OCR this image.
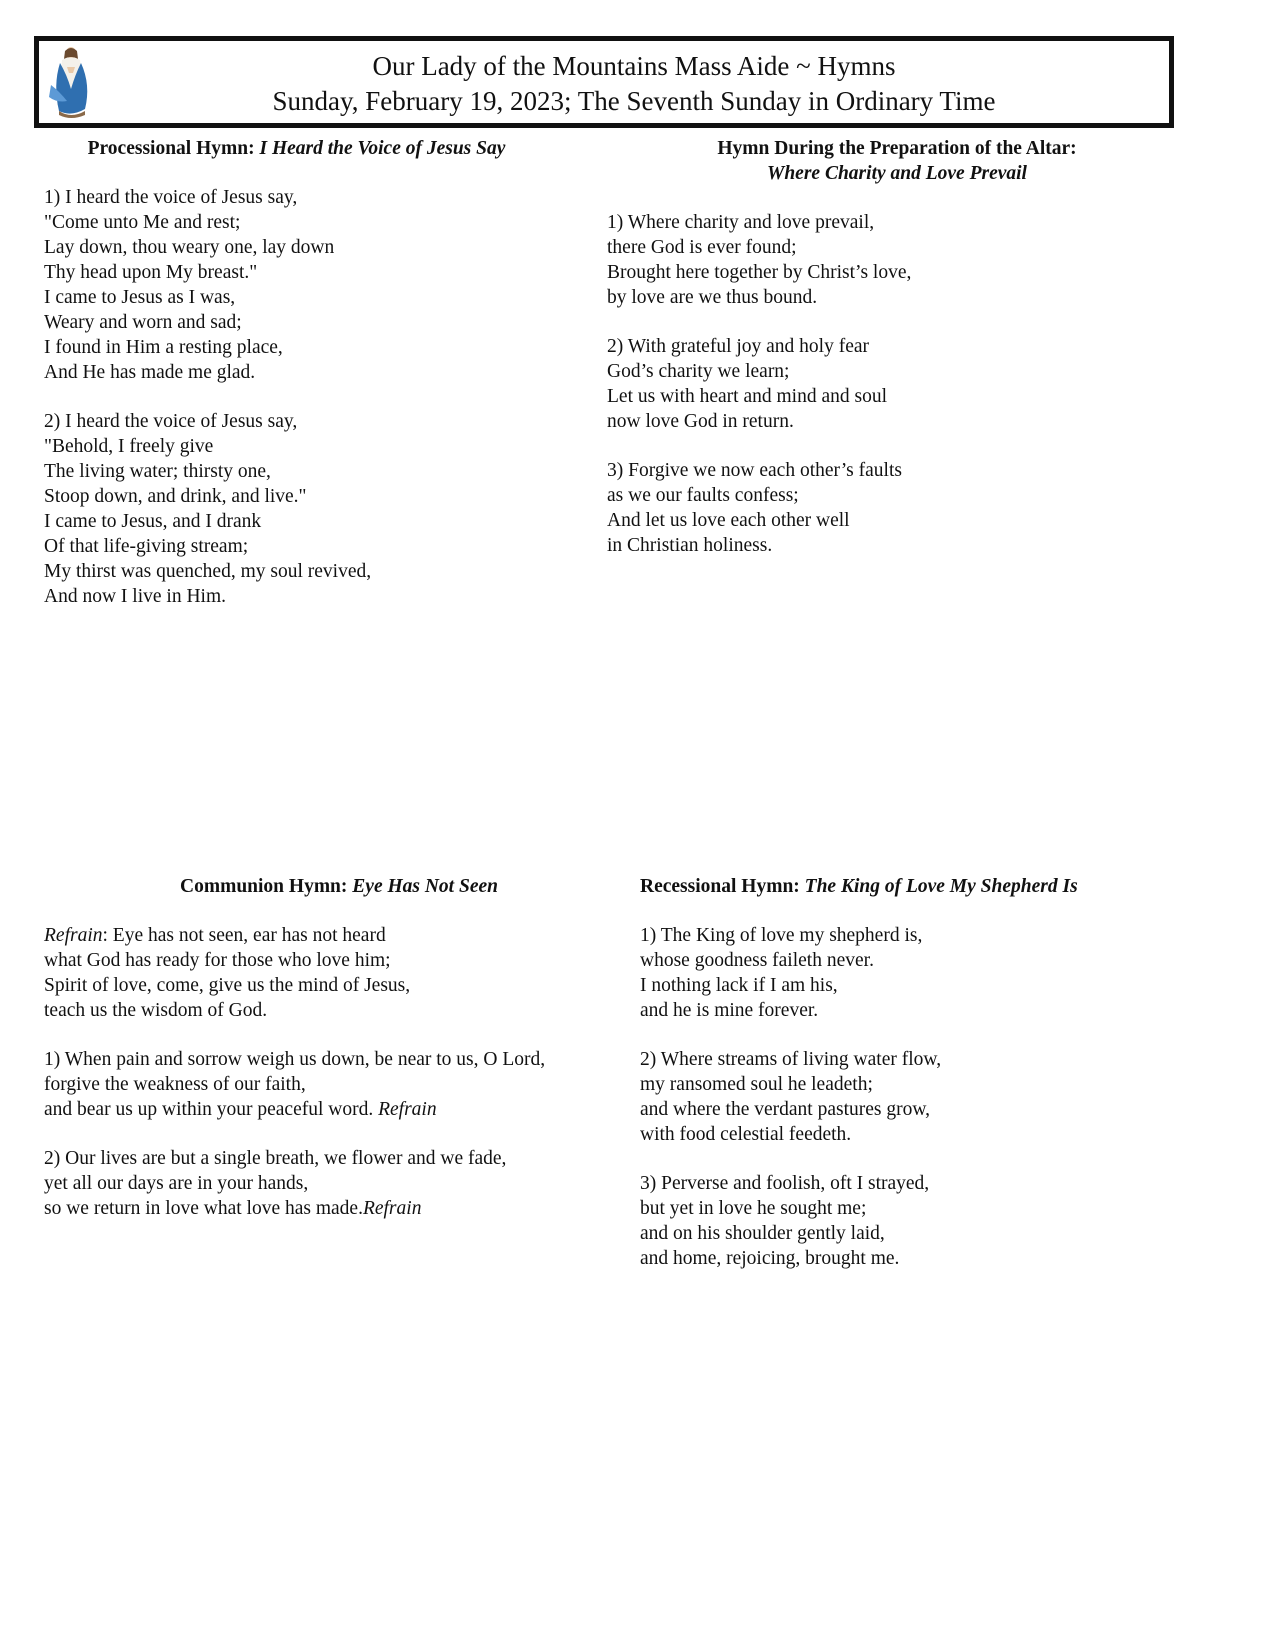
Our Lady of the Mountains Mass Aide ~ Hymns
Sunday, February 19, 2023; The Seventh Sunday in Ordinary Time
Processional Hymn: I Heard the Voice of Jesus Say
1) I heard the voice of Jesus say,
"Come unto Me and rest;
Lay down, thou weary one, lay down
Thy head upon My breast."
I came to Jesus as I was,
Weary and worn and sad;
I found in Him a resting place,
And He has made me glad.
2) I heard the voice of Jesus say,
"Behold, I freely give
The living water; thirsty one,
Stoop down, and drink, and live."
I came to Jesus, and I drank
Of that life-giving stream;
My thirst was quenched, my soul revived,
And now I live in Him.
Hymn During the Preparation of the Altar:
Where Charity and Love Prevail
1) Where charity and love prevail,
there God is ever found;
Brought here together by Christ’s love,
by love are we thus bound.
2) With grateful joy and holy fear
God’s charity we learn;
Let us with heart and mind and soul
now love God in return.
3) Forgive we now each other’s faults
as we our faults confess;
And let us love each other well
in Christian holiness.
Communion Hymn: Eye Has Not Seen
Refrain: Eye has not seen, ear has not heard
what God has ready for those who love him;
Spirit of love, come, give us the mind of Jesus,
teach us the wisdom of God.
1) When pain and sorrow weigh us down, be near to us, O Lord,
forgive the weakness of our faith,
and bear us up within your peaceful word. Refrain
2) Our lives are but a single breath, we flower and we fade,
yet all our days are in your hands,
so we return in love what love has made.Refrain
Recessional Hymn: The King of Love My Shepherd Is
1) The King of love my shepherd is,
whose goodness faileth never.
I nothing lack if I am his,
and he is mine forever.
2) Where streams of living water flow,
my ransomed soul he leadeth;
and where the verdant pastures grow,
with food celestial feedeth.
3) Perverse and foolish, oft I strayed,
but yet in love he sought me;
and on his shoulder gently laid,
and home, rejoicing, brought me.
